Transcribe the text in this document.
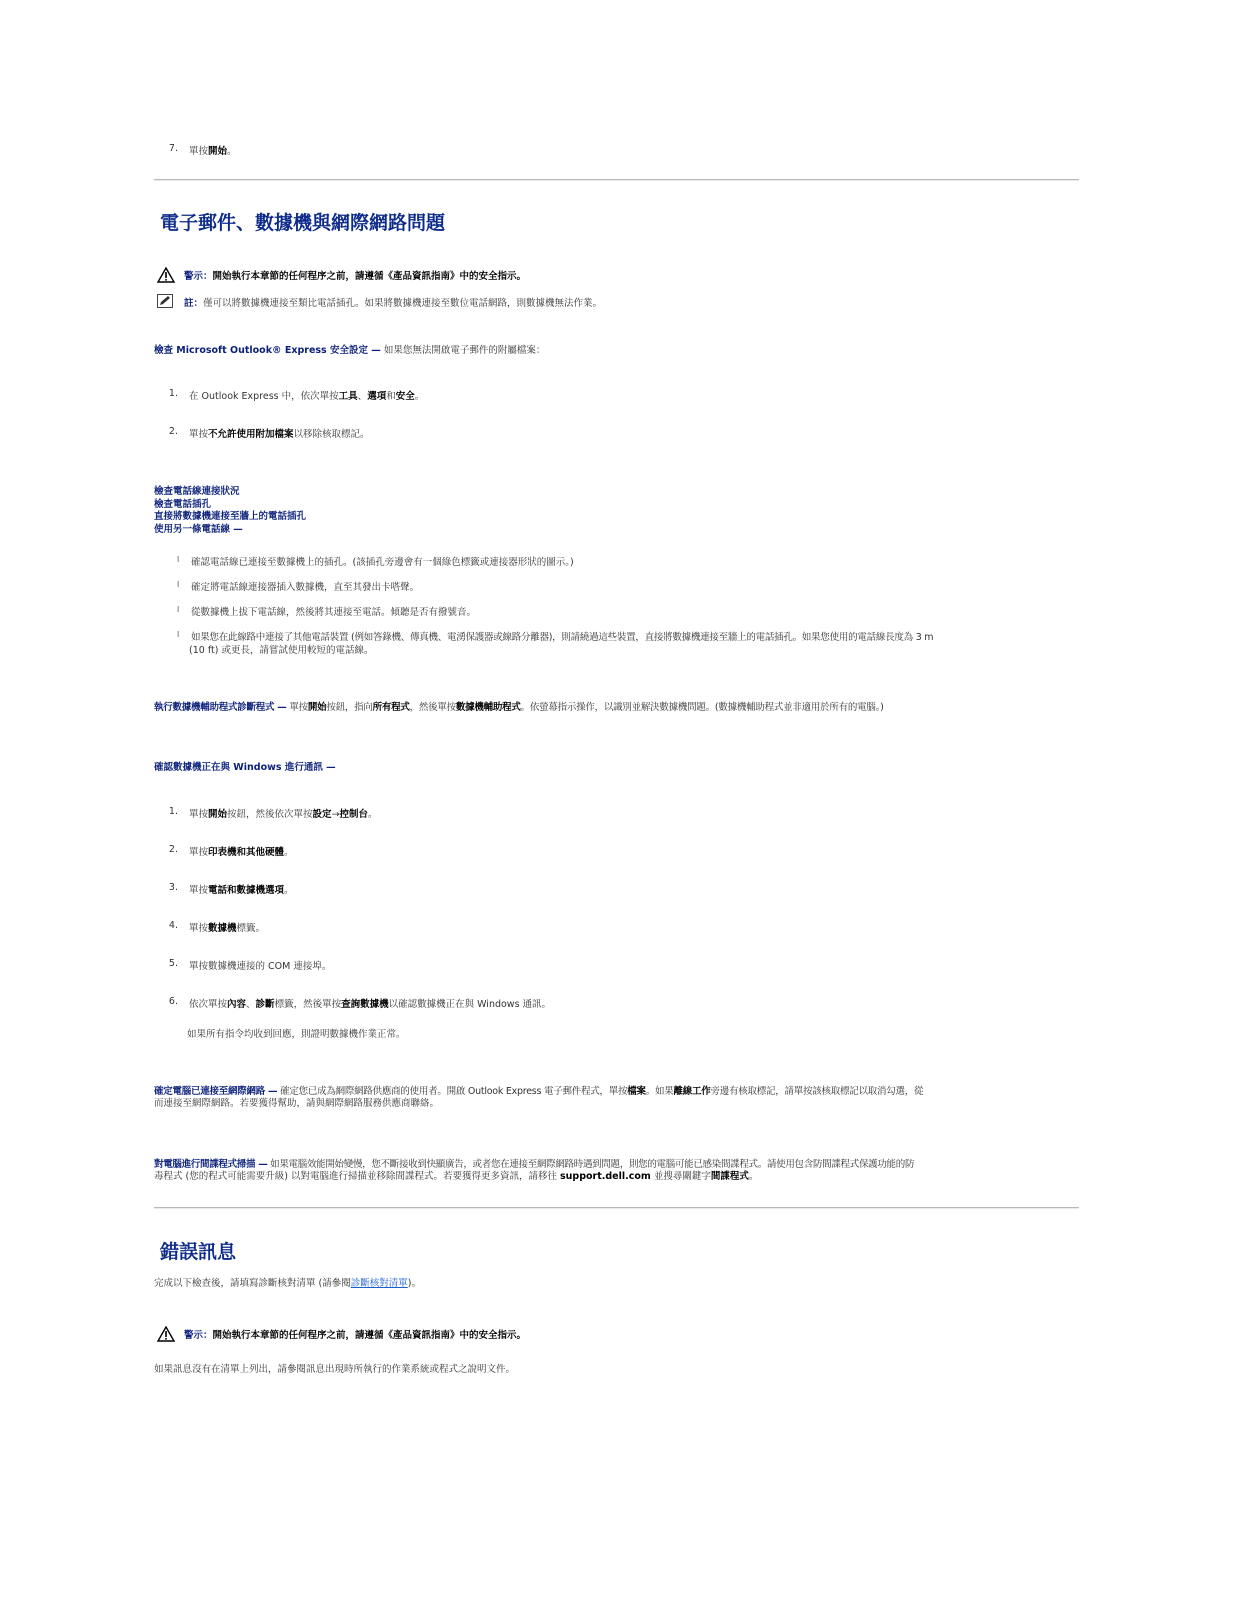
7. 單按開始。
電子郵件、數據機與網際網路問題
警示：開始執行本章節的任何程序之前，請遵循《產品資訊指南》中的安全指示。
註：僅可以將數據機連接至類比電話插孔。如果將數據機連接至數位電話網路，則數據機無法作業。
檢查 Microsoft Outlook® Express 安全設定 — 如果您無法開啟電子郵件的附屬檔案：
1. 在 Outlook Express 中，依次單按工具、選項和安全。
2. 單按不允許使用附加檔案以移除核取標記。
檢查電話線連接狀況
檢查電話插孔
直接將數據機連接至牆上的電話插孔
使用另一條電話線 —
l 確認電話線已連接至數據機上的插孔。(該插孔旁邊會有一個綠色標籤或連接器形狀的圖示。)
l 確定將電話線連接器插入數據機，直至其發出卡嗒聲。
l 從數據機上拔下電話線，然後將其連接至電話。傾聽是否有撥號音。
l 如果您在此線路中連接了其他電話裝置 (例如答錄機、傳真機、電湧保護器或線路分離器)，則請繞過這些裝置，直接將數據機連接至牆上的電話插孔。如果您使用的電話線長度為 3 m
(10 ft) 或更長，請嘗試使用較短的電話線。
執行數據機輔助程式診斷程式 — 單按開始按鈕，指向所有程式，然後單按數據機輔助程式。依螢幕指示操作，以識別並解決數據機問題。(數據機輔助程式並非適用於所有的電腦。)
確認數據機正在與 Windows 進行通訊 —
1. 單按開始按鈕，然後依次單按設定→控制台。
2. 單按印表機和其他硬體。
3. 單按電話和數據機選項。
4. 單按數據機標籤。
5. 單按數據機連接的 COM 連接埠。
6. 依次單按內容、診斷標籤，然後單按查詢數據機以確認數據機正在與 Windows 通訊。
如果所有指令均收到回應，則證明數據機作業正常。
確定電腦已連接至網際網路 — 確定您已成為網際網路供應商的使用者。開啟 Outlook Express 電子郵件程式，單按檔案。如果離線工作旁邊有核取標記，請單按該核取標記以取消勾選，從
而連接至網際網路。若要獲得幫助，請與網際網路服務供應商聯絡。
對電腦進行間諜程式掃描 — 如果電腦效能開始變慢，您不斷接收到快顯廣告，或者您在連接至網際網路時遇到問題，則您的電腦可能已感染間諜程式。請使用包含防間諜程式保護功能的防
毒程式 (您的程式可能需要升級) 以對電腦進行掃描並移除間諜程式。若要獲得更多資訊，請移往 support.dell.com 並搜尋關鍵字間諜程式。
錯誤訊息
完成以下檢查後，請填寫診斷核對清單 (請參閱診斷核對清單)。
警示：開始執行本章節的任何程序之前，請遵循《產品資訊指南》中的安全指示。
如果訊息沒有在清單上列出，請參閱訊息出現時所執行的作業系統或程式之說明文件。
